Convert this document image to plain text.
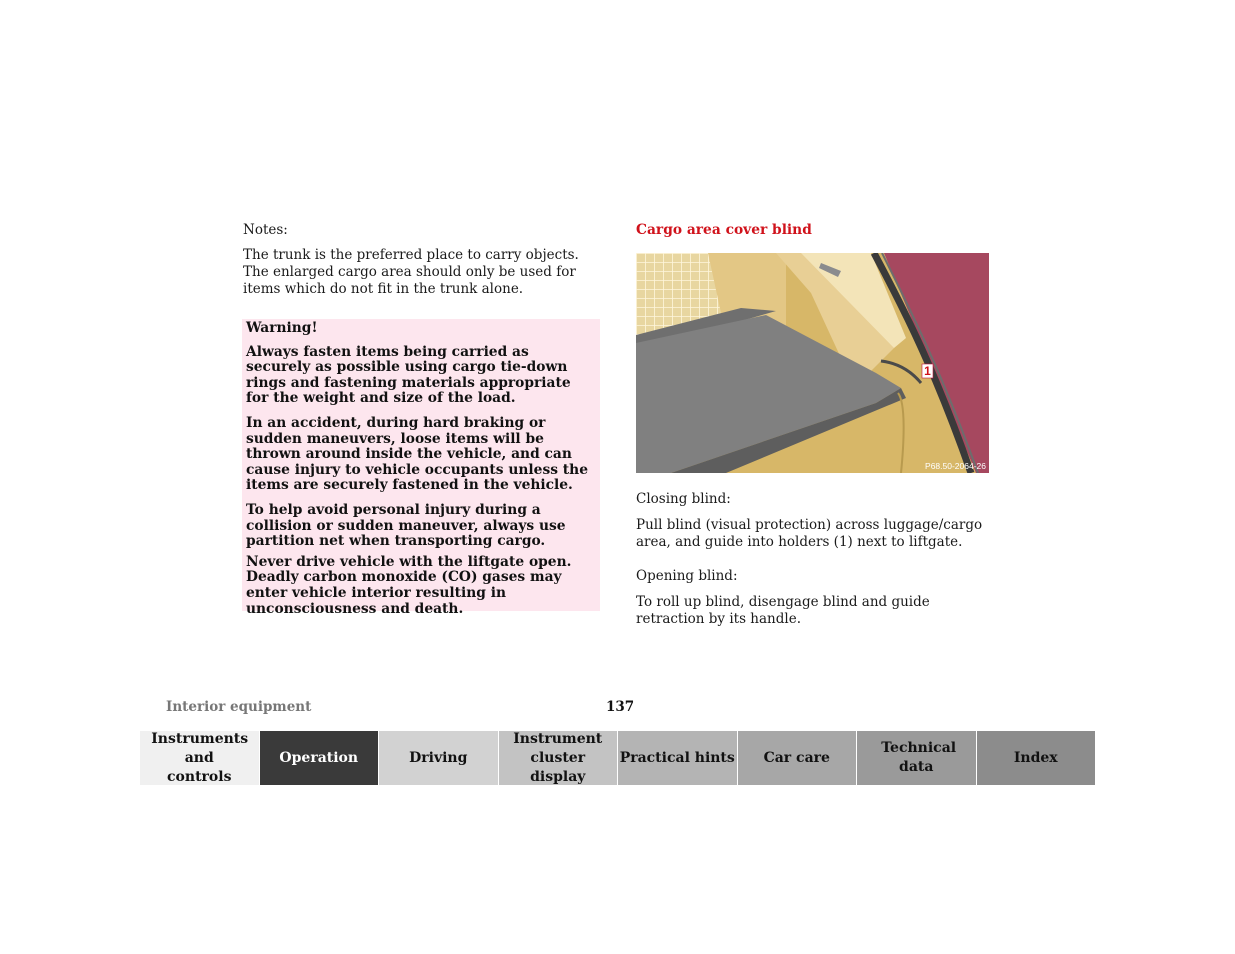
Notes:
The trunk is the preferred place to carry objects. The enlarged cargo area should only be used for items which do not fit in the trunk alone.

Warning!

Always fasten items being carried as securely as possible using cargo tie-down rings and fastening materials appropriate for the weight and size of the load.

In an accident, during hard braking or sudden maneuvers, loose items will be thrown around inside the vehicle, and can cause injury to vehicle occupants unless the items are securely fastened in the vehicle.

To help avoid personal injury during a collision or sudden maneuver, always use partition net when transporting cargo.

Never drive vehicle with the liftgate open. Deadly carbon monoxide (CO) gases may enter vehicle interior resulting in unconsciousness and death.

Cargo area cover blind
1
P68.50-2064-26
Closing blind:
Pull blind (visual protection) across luggage/cargo area, and guide into holders (1) next to liftgate.
Opening blind:
To roll up blind, disengage blind and guide retraction by its handle.
Interior equipment	137
Instruments and controls
Operation	Driving
Instrument cluster display
Practical hints Car care
Technical data
Index
